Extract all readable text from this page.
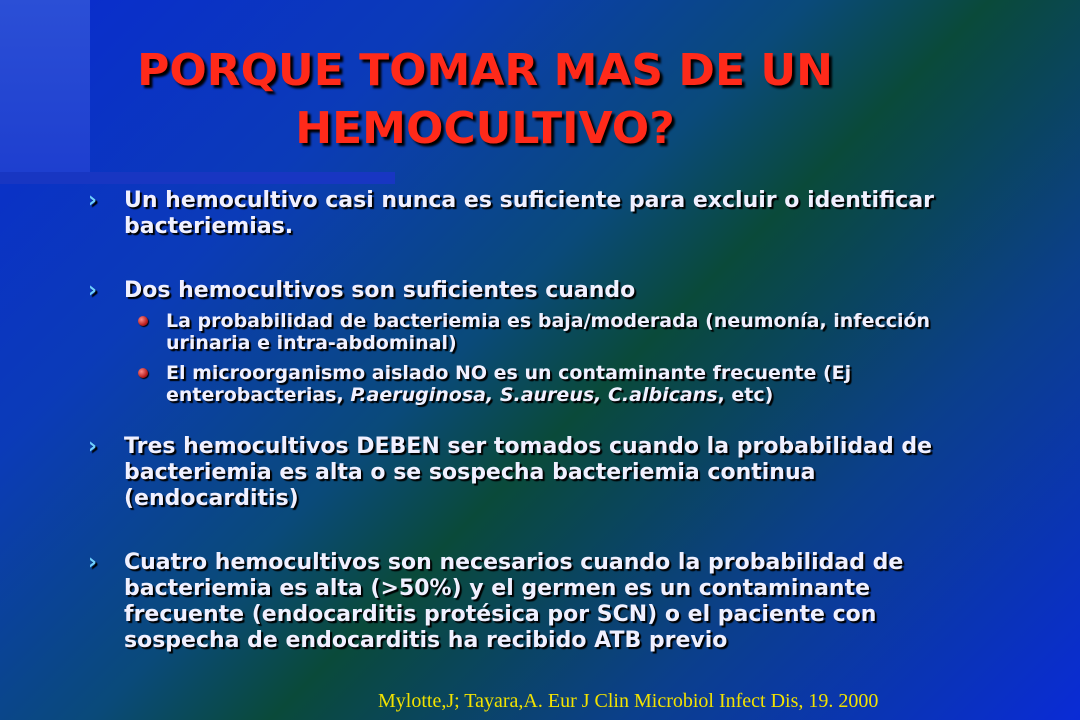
PORQUE TOMAR MAS DE UN
HEMOCULTIVO?
› Un hemocultivo casi nunca es suficiente para excluir o identificar bacteriemias.
› Dos hemocultivos son suficientes cuando
La probabilidad de bacteriemia es baja/moderada (neumonía, infección urinaria e intra-abdominal)
El microorganismo aislado NO es un contaminante frecuente (Ej enterobacterias, P.aeruginosa, S.aureus, C.albicans, etc)
› Tres hemocultivos DEBEN ser tomados cuando la probabilidad de bacteriemia es alta o se sospecha bacteriemia continua (endocarditis)
› Cuatro hemocultivos son necesarios cuando la probabilidad de bacteriemia es alta (>50%) y el germen es un contaminante frecuente (endocarditis protésica por SCN) o el paciente con sospecha de endocarditis ha recibido ATB previo
Mylotte,J; Tayara,A. Eur J Clin Microbiol Infect Dis, 19. 2000
